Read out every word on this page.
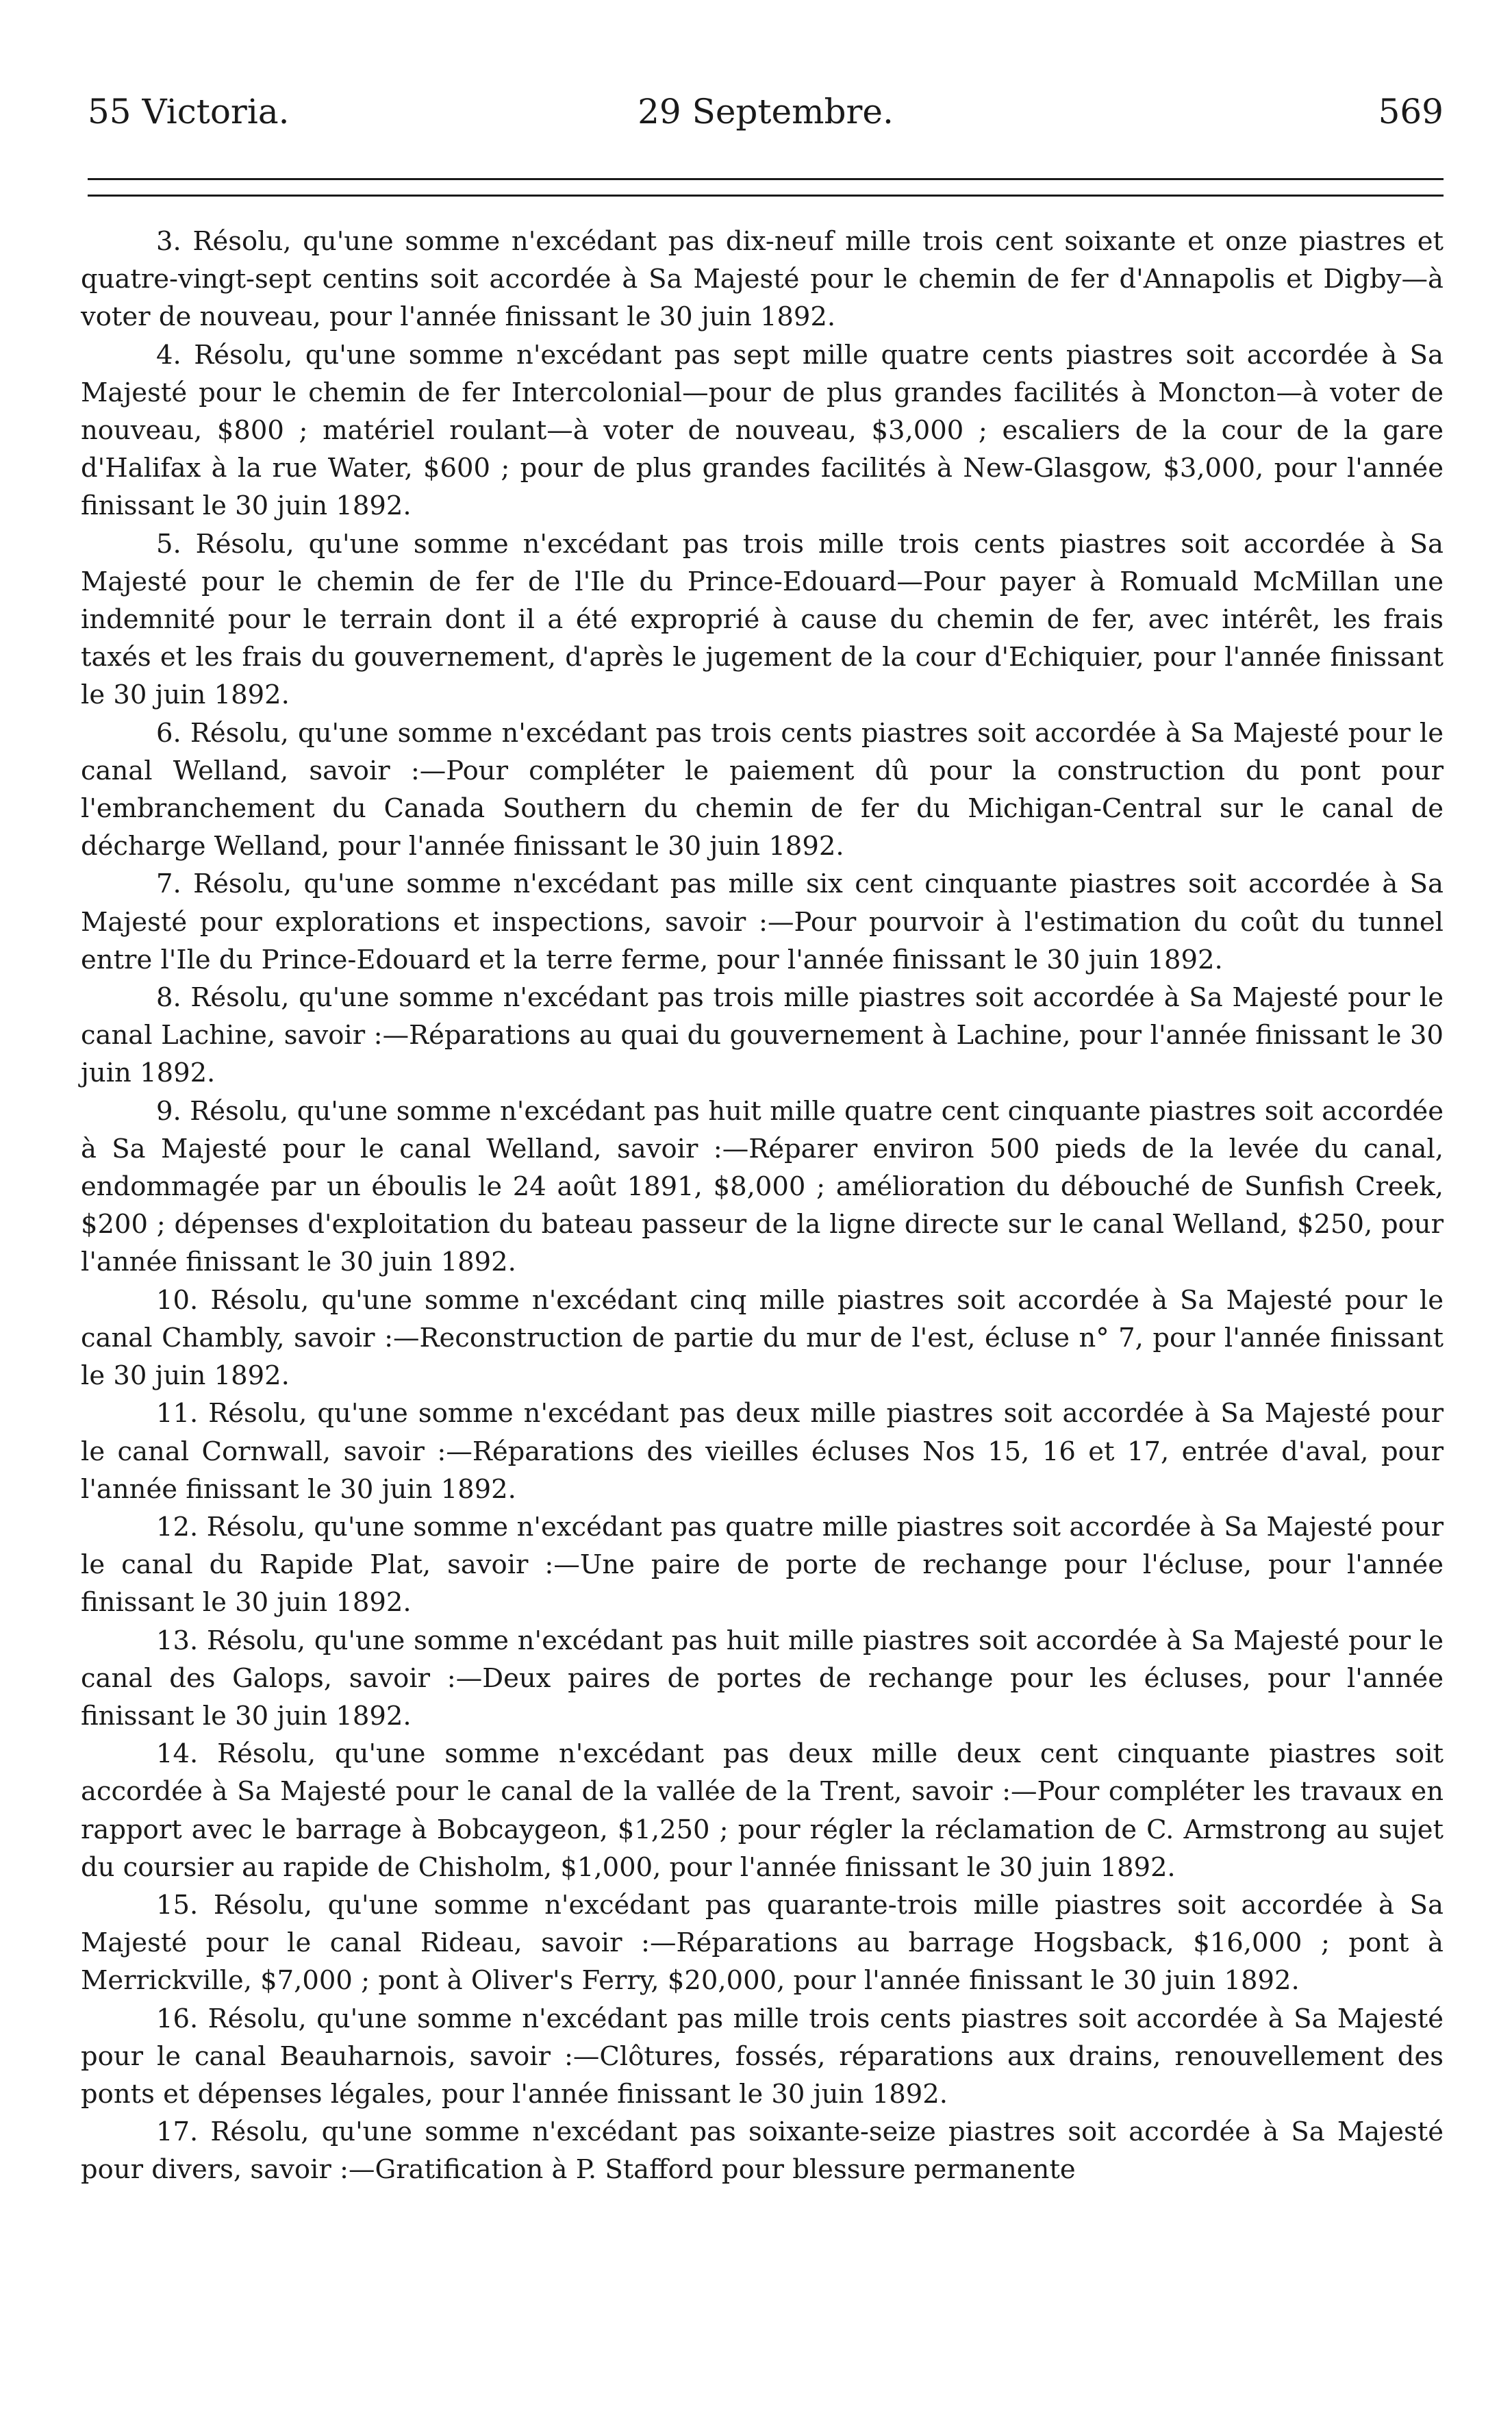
55 Victoria.	29 Septembre.	569

3. Résolu, qu'une somme n'excédant pas dix-neuf mille trois cent soixante et onze piastres et quatre-vingt-sept centins soit accordée à Sa Majesté pour le chemin de fer d'Annapolis et Digby—à voter de nouveau, pour l'année finissant le 30 juin 1892.

4. Résolu, qu'une somme n'excédant pas sept mille quatre cents piastres soit accordée à Sa Majesté pour le chemin de fer Intercolonial—pour de plus grandes facilités à Moncton—à voter de nouveau, $800 ; matériel roulant—à voter de nouveau, $3,000 ; escaliers de la cour de la gare d'Halifax à la rue Water, $600 ; pour de plus grandes facilités à New-Glasgow, $3,000, pour l'année finissant le 30 juin 1892.

5. Résolu, qu'une somme n'excédant pas trois mille trois cents piastres soit accordée à Sa Majesté pour le chemin de fer de l'Ile du Prince-Edouard—Pour payer à Romuald McMillan une indemnité pour le terrain dont il a été exproprié à cause du chemin de fer, avec intérêt, les frais taxés et les frais du gouvernement, d'après le jugement de la cour d'Echiquier, pour l'année finissant le 30 juin 1892.

6. Résolu, qu'une somme n'excédant pas trois cents piastres soit accordée à Sa Majesté pour le canal Welland, savoir :—Pour compléter le paiement dû pour la construction du pont pour l'embranchement du Canada Southern du chemin de fer du Michigan-Central sur le canal de décharge Welland, pour l'année finissant le 30 juin 1892.

7. Résolu, qu'une somme n'excédant pas mille six cent cinquante piastres soit accordée à Sa Majesté pour explorations et inspections, savoir :—Pour pourvoir à l'estimation du coût du tunnel entre l'Ile du Prince-Edouard et la terre ferme, pour l'année finissant le 30 juin 1892.

8. Résolu, qu'une somme n'excédant pas trois mille piastres soit accordée à Sa Majesté pour le canal Lachine, savoir :—Réparations au quai du gouvernement à Lachine, pour l'année finissant le 30 juin 1892.

9. Résolu, qu'une somme n'excédant pas huit mille quatre cent cinquante piastres soit accordée à Sa Majesté pour le canal Welland, savoir :—Réparer environ 500 pieds de la levée du canal, endommagée par un éboulis le 24 août 1891, $8,000 ; amélioration du débouché de Sunfish Creek, $200 ; dépenses d'exploitation du bateau passeur de la ligne directe sur le canal Welland, $250, pour l'année finissant le 30 juin 1892.

10. Résolu, qu'une somme n'excédant cinq mille piastres soit accordée à Sa Majesté pour le canal Chambly, savoir :—Reconstruction de partie du mur de l'est, écluse n° 7, pour l'année finissant le 30 juin 1892.

11. Résolu, qu'une somme n'excédant pas deux mille piastres soit accordée à Sa Majesté pour le canal Cornwall, savoir :—Réparations des vieilles écluses Nos 15, 16 et 17, entrée d'aval, pour l'année finissant le 30 juin 1892.

12. Résolu, qu'une somme n'excédant pas quatre mille piastres soit accordée à Sa Majesté pour le canal du Rapide Plat, savoir :—Une paire de porte de rechange pour l'écluse, pour l'année finissant le 30 juin 1892.

13. Résolu, qu'une somme n'excédant pas huit mille piastres soit accordée à Sa Majesté pour le canal des Galops, savoir :—Deux paires de portes de rechange pour les écluses, pour l'année finissant le 30 juin 1892.

14. Résolu, qu'une somme n'excédant pas deux mille deux cent cinquante piastres soit accordée à Sa Majesté pour le canal de la vallée de la Trent, savoir :—Pour compléter les travaux en rapport avec le barrage à Bobcaygeon, $1,250 ; pour régler la réclamation de C. Armstrong au sujet du coursier au rapide de Chisholm, $1,000, pour l'année finissant le 30 juin 1892.

15. Résolu, qu'une somme n'excédant pas quarante-trois mille piastres soit accordée à Sa Majesté pour le canal Rideau, savoir :—Réparations au barrage Hogsback, $16,000 ; pont à Merrickville, $7,000 ; pont à Oliver's Ferry, $20,000, pour l'année finissant le 30 juin 1892.

16. Résolu, qu'une somme n'excédant pas mille trois cents piastres soit accordée à Sa Majesté pour le canal Beauharnois, savoir :—Clôtures, fossés, réparations aux drains, renouvellement des ponts et dépenses légales, pour l'année finissant le 30 juin 1892.

17. Résolu, qu'une somme n'excédant pas soixante-seize piastres soit accordée à Sa Majesté pour divers, savoir :—Gratification à P. Stafford pour blessure permanente
